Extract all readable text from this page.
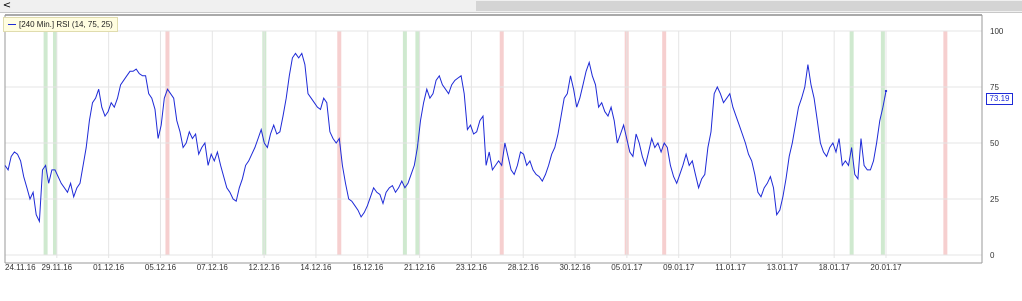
<
0
25
50
75
100
24.11.16 29.11.16	01.12.16	05.12.16	07.12.16	12.12.16	14.12.16	16.12.16	21.12.16	23.12.16	28.12.16	30.12.16	05.01.17	09.01.17	11.01.17	13.01.17	18.01.17	20.01.17
[240 Min.] RSI (14, 75, 25)
73.19
